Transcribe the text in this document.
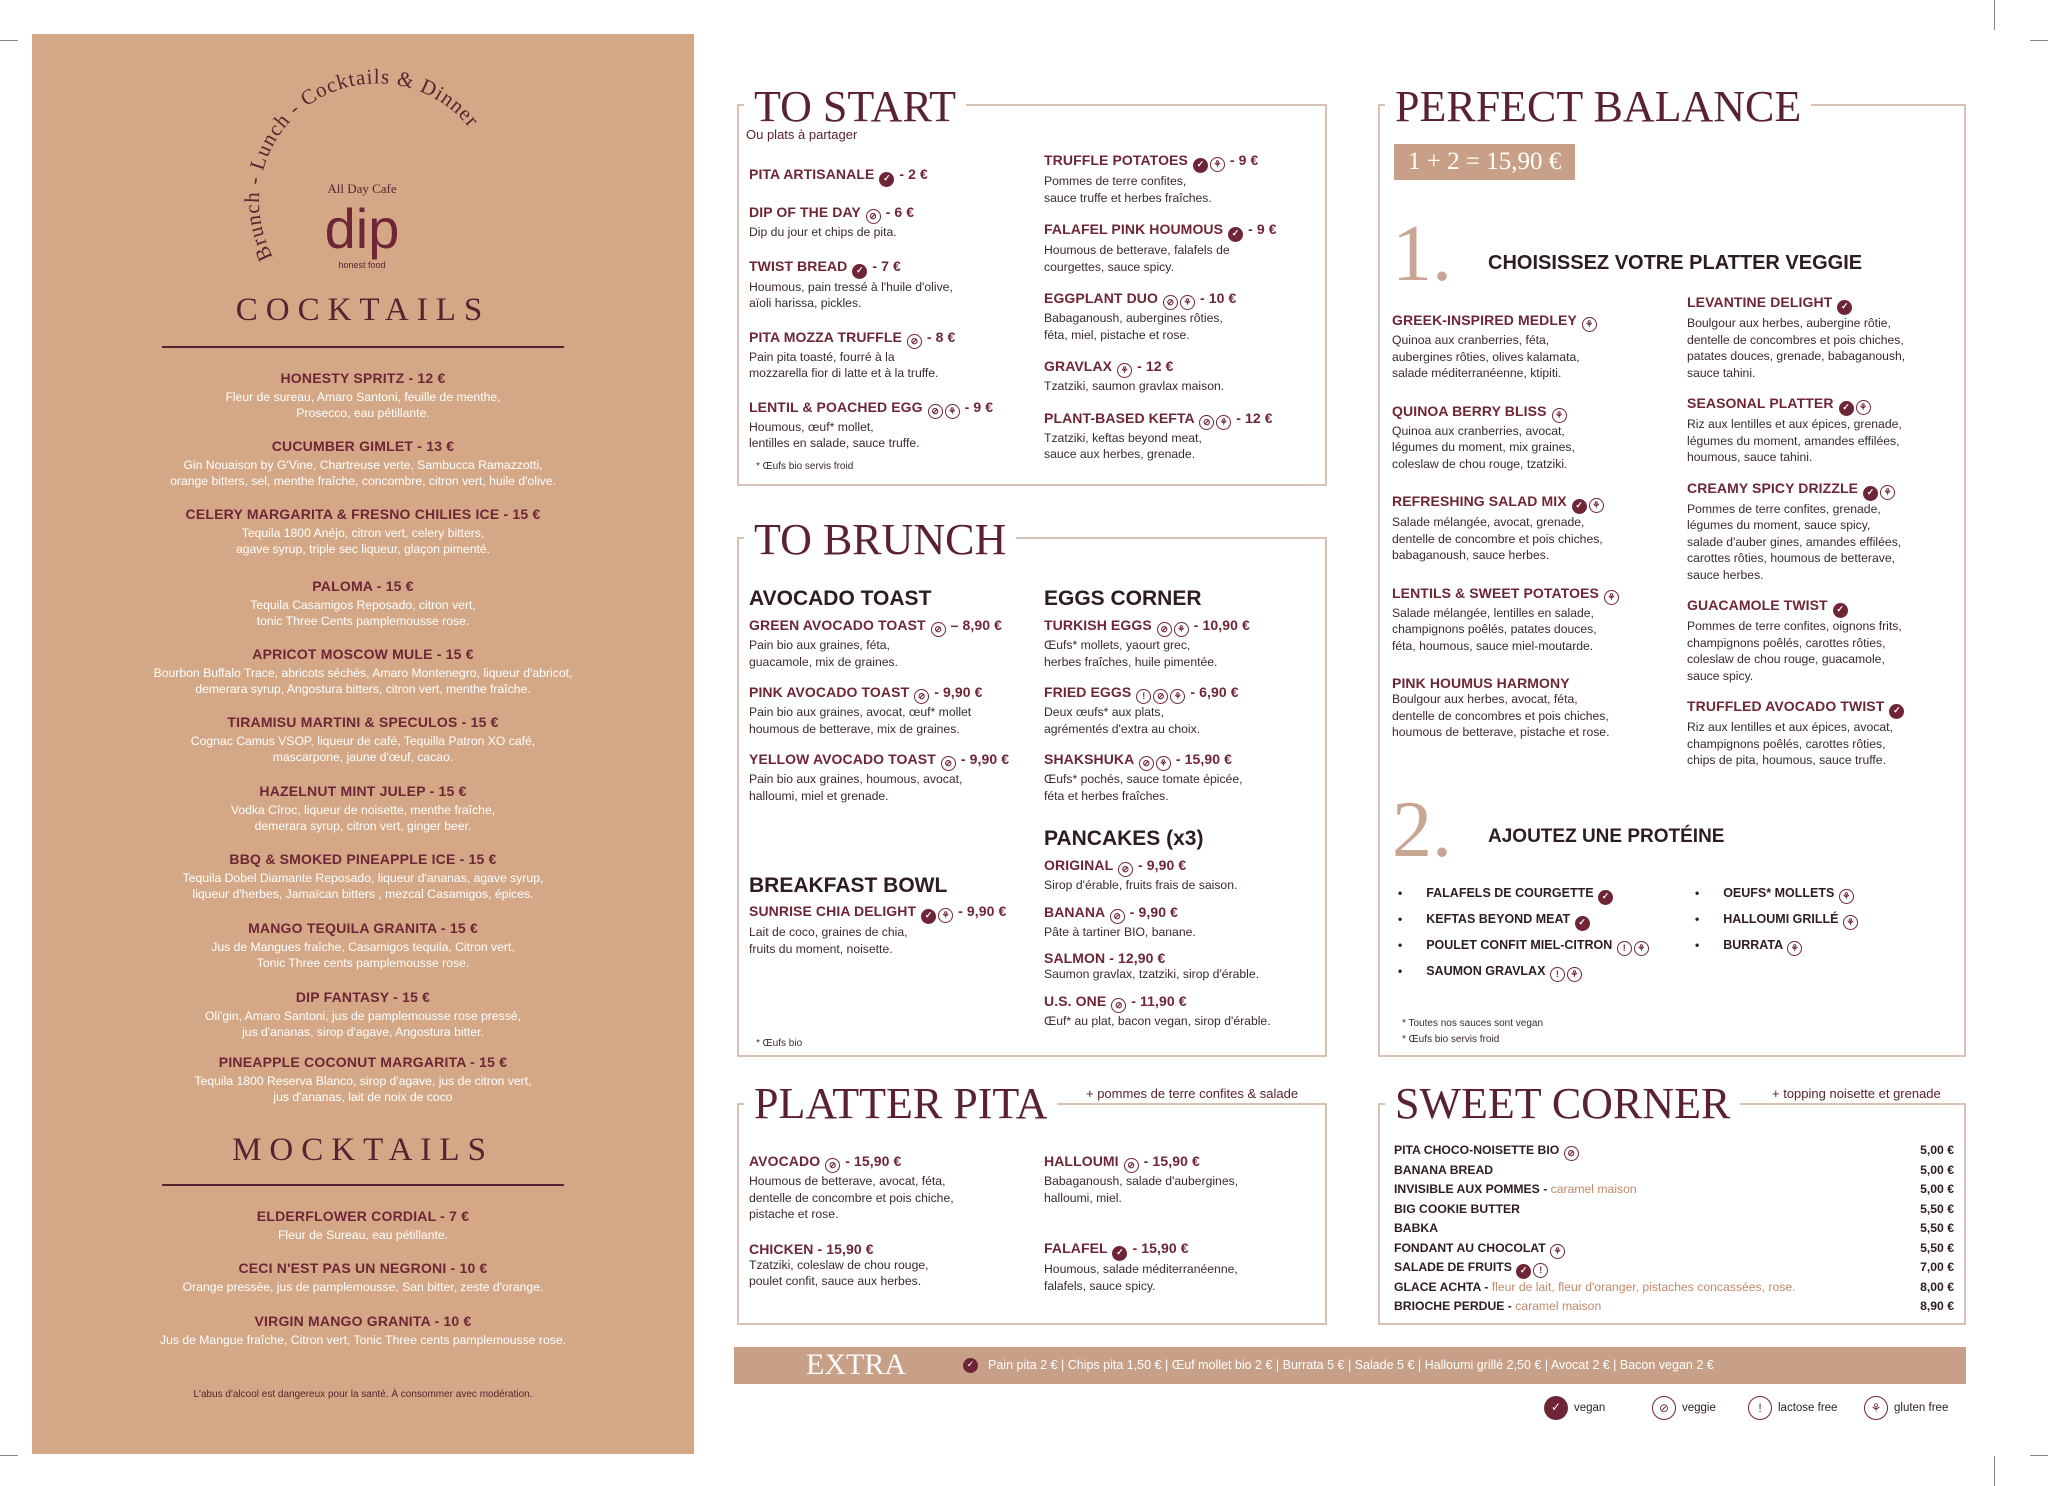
Brunch - Lunch - Cocktails & Dinner
All Day Cafe
dip
honest food
COCKTAILS
HONESTY SPRITZ - 12 €
Fleur de sureau, Amaro Santoni, feuille de menthe,
Prosecco, eau pétillante.
CUCUMBER GIMLET - 13 €
Gin Nouaison by G'Vine, Chartreuse verte, Sambucca Ramazzotti,
orange bitters, sel, menthe fraîche, concombre, citron vert, huile d'olive.
CELERY MARGARITA & FRESNO CHILIES ICE - 15 €
Tequila 1800 Anéjo, citron vert, celery bitters,
agave syrup, triple sec liqueur, glaçon pimenté.
PALOMA - 15 €
Tequila Casamigos Reposado, citron vert,
tonic Three Cents pamplemousse rose.
APRICOT MOSCOW MULE - 15 €
Bourbon Buffalo Trace, abricots séchés, Amaro Montenegro, liqueur d'abricot,
demerara syrup, Angostura bitters, citron vert, menthe fraîche.
TIRAMISU MARTINI & SPECULOS - 15 €
Cognac Camus VSOP, liqueur de café, Tequilla Patron XO café,
mascarpone, jaune d'œuf, cacao.
HAZELNUT MINT JULEP - 15 €
Vodka Cîroc, liqueur de noisette, menthe fraîche,
demerara syrup, citron vert, ginger beer.
BBQ & SMOKED PINEAPPLE ICE - 15 €
Tequila Dobel Diamante Reposado, liqueur d'ananas, agave syrup,
liqueur d'herbes, Jamaïcan bitters , mezcal Casamigos, épices.
MANGO TEQUILA GRANITA - 15 €
Jus de Mangues fraîche, Casamigos tequila, Citron vert,
Tonic Three cents pamplemousse rose.
DIP FANTASY - 15 €
Oli'gin, Amaro Santoni, jus de pamplemousse rose pressé,
jus d'ananas, sirop d'agave, Angostura bitter.
PINEAPPLE COCONUT MARGARITA - 15 €
Tequila 1800 Reserva Blanco, sirop d'agave, jus de citron vert,
jus d'ananas, lait de noix de coco
MOCKTAILS
ELDERFLOWER CORDIAL - 7 €
Fleur de Sureau, eau pétillante.
CECI N'EST PAS UN NEGRONI - 10 €
Orange pressée, jus de pamplemousse, San bitter, zeste d'orange.
VIRGIN MANGO GRANITA - 10 €
Jus de Mangue fraîche, Citron vert, Tonic Three cents pamplemousse rose.
L'abus d'alcool est dangereux pour la santé. À consommer avec modération.
TO START
Ou plats à partager
PITA ARTISANALE ✓ - 2 €
DIP OF THE DAY ⊘ - 6 €
Dip du jour et chips de pita.
TWIST BREAD ✓ - 7 €
Houmous, pain tressé à l'huile d'olive,
aïoli harissa, pickles.
PITA MOZZA TRUFFLE ⊘ - 8 €
Pain pita toasté, fourré à la
mozzarella fior di latte et à la truffe.
LENTIL & POACHED EGG ⊘ ⚘ - 9 €
Houmous, œuf* mollet,
lentilles en salade, sauce truffe.
TRUFFLE POTATOES ✓ ⚘ - 9 €
Pommes de terre confites,
sauce truffe et herbes fraîches.
FALAFEL PINK HOUMOUS ✓ - 9 €
Houmous de betterave, falafels de
courgettes, sauce spicy.
EGGPLANT DUO ⊘ ⚘ - 10 €
Babaganoush, aubergines rôties,
féta, miel, pistache et rose.
GRAVLAX ⚘ - 12 €
Tzatziki, saumon gravlax maison.
PLANT-BASED KEFTA ⊘ ⚘ - 12 €
Tzatziki, keftas beyond meat,
sauce aux herbes, grenade.
* Œufs bio servis froid
TO BRUNCH
AVOCADO TOAST
GREEN AVOCADO TOAST ⊘ – 8,90 €
Pain bio aux graines, féta,
guacamole, mix de graines.
PINK AVOCADO TOAST ⊘ - 9,90 €
Pain bio aux graines, avocat, œuf* mollet
houmous de betterave, mix de graines.
YELLOW AVOCADO TOAST ⊘ - 9,90 €
Pain bio aux graines, houmous, avocat,
halloumi, miel et grenade.
BREAKFAST BOWL
SUNRISE CHIA DELIGHT ✓ ⚘ - 9,90 €
Lait de coco, graines de chia,
fruits du moment, noisette.
EGGS CORNER
TURKISH EGGS ⊘ ⚘ - 10,90 €
Œufs* mollets, yaourt grec,
herbes fraîches, huile pimentée.
FRIED EGGS ! ⊘ ⚘ - 6,90 €
Deux œufs* aux plats,
agrémentés d'extra au choix.
SHAKSHUKA ⊘ ⚘ - 15,90 €
Œufs* pochés, sauce tomate épicée,
féta et herbes fraîches.
PANCAKES (x3)
ORIGINAL ⊘ - 9,90 €
Sirop d'érable, fruits frais de saison.
BANANA ⊘ - 9,90 €
Pâte à tartiner BIO, banane.
SALMON - 12,90 €
Saumon gravlax, tzatziki, sirop d'érable.
U.S. ONE ⊘ - 11,90 €
Œuf* au plat, bacon vegan, sirop d'érable.
* Œufs bio
PLATTER PITA	+ pommes de terre confites & salade
AVOCADO ⊘ - 15,90 €
Houmous de betterave, avocat, féta,
dentelle de concombre et pois chiche,
pistache et rose.
CHICKEN - 15,90 €
Tzatziki, coleslaw de chou rouge,
poulet confit, sauce aux herbes.
HALLOUMI ⊘ - 15,90 €
Babaganoush, salade d'aubergines,
halloumi, miel.
FALAFEL ✓ - 15,90 €
Houmous, salade méditerranéenne,
falafels, sauce spicy.
PERFECT BALANCE
1 + 2 = 15,90 €
1. CHOISISSEZ VOTRE PLATTER VEGGIE
GREEK-INSPIRED MEDLEY ⚘
Quinoa aux cranberries, féta,
aubergines rôties, olives kalamata,
salade méditerranéenne, ktipiti.
QUINOA BERRY BLISS ⚘
Quinoa aux cranberries, avocat,
légumes du moment, mix graines,
coleslaw de chou rouge, tzatziki.
REFRESHING SALAD MIX ✓ ⚘
Salade mélangée, avocat, grenade,
dentelle de concombre et pois chiches,
babaganoush, sauce herbes.
LENTILS & SWEET POTATOES ⚘
Salade mélangée, lentilles en salade,
champignons poêlés, patates douces,
féta, houmous, sauce miel-moutarde.
PINK HOUMUS HARMONY
Boulgour aux herbes, avocat, féta,
dentelle de concombres et pois chiches,
houmous de betterave, pistache et rose.
LEVANTINE DELIGHT ✓
Boulgour aux herbes, aubergine rôtie,
dentelle de concombres et pois chiches,
patates douces, grenade, babaganoush,
sauce tahini.
SEASONAL PLATTER ✓ ⚘
Riz aux lentilles et aux épices, grenade,
légumes du moment, amandes effilées,
houmous, sauce tahini.
CREAMY SPICY DRIZZLE ✓ ⚘
Pommes de terre confites, grenade,
légumes du moment, sauce spicy,
salade d'auber gines, amandes effilées,
carottes rôties, houmous de betterave,
sauce herbes.
GUACAMOLE TWIST ✓
Pommes de terre confites, oignons frits,
champignons poêlés, carottes rôties,
coleslaw de chou rouge, guacamole,
sauce spicy.
TRUFFLED AVOCADO TWIST ✓
Riz aux lentilles et aux épices, avocat,
champignons poêlés, carottes rôties,
chips de pita, houmous, sauce truffe.
2. AJOUTEZ UNE PROTÉINE
• FALAFELS DE COURGETTE ✓
• KEFTAS BEYOND MEAT ✓
• POULET CONFIT MIEL-CITRON ! ⚘
• SAUMON GRAVLAX ! ⚘
• OEUFS* MOLLETS ⚘
• HALLOUMI GRILLÉ ⚘
• BURRATA ⚘
* Toutes nos sauces sont vegan
* Œufs bio servis froid
SWEET CORNER	+ topping noisette et grenade
PITA CHOCO-NOISETTE BIO ⊘	5,00 €
BANANA BREAD	5,00 €
INVISIBLE AUX POMMES - caramel maison	5,00 €
BIG COOKIE BUTTER	5,50 €
BABKA	5,50 €
FONDANT AU CHOCOLAT ⚘	5,50 €
SALADE DE FRUITS ✓ !	7,00 €
GLACE ACHTA - fleur de lait, fleur d'oranger, pistaches concassées, rose.	8,00 €
BRIOCHE PERDUE - caramel maison	8,90 €
EXTRA	✓ Pain pita 2 € | Chips pita 1,50 € | Œuf mollet bio 2 € | Burrata 5 € | Salade 5 € | Halloumi grillé 2,50 € | Avocat 2 € | Bacon vegan 2 €
✓ vegan	⊘ veggie	! lactose free	⚘ gluten free
